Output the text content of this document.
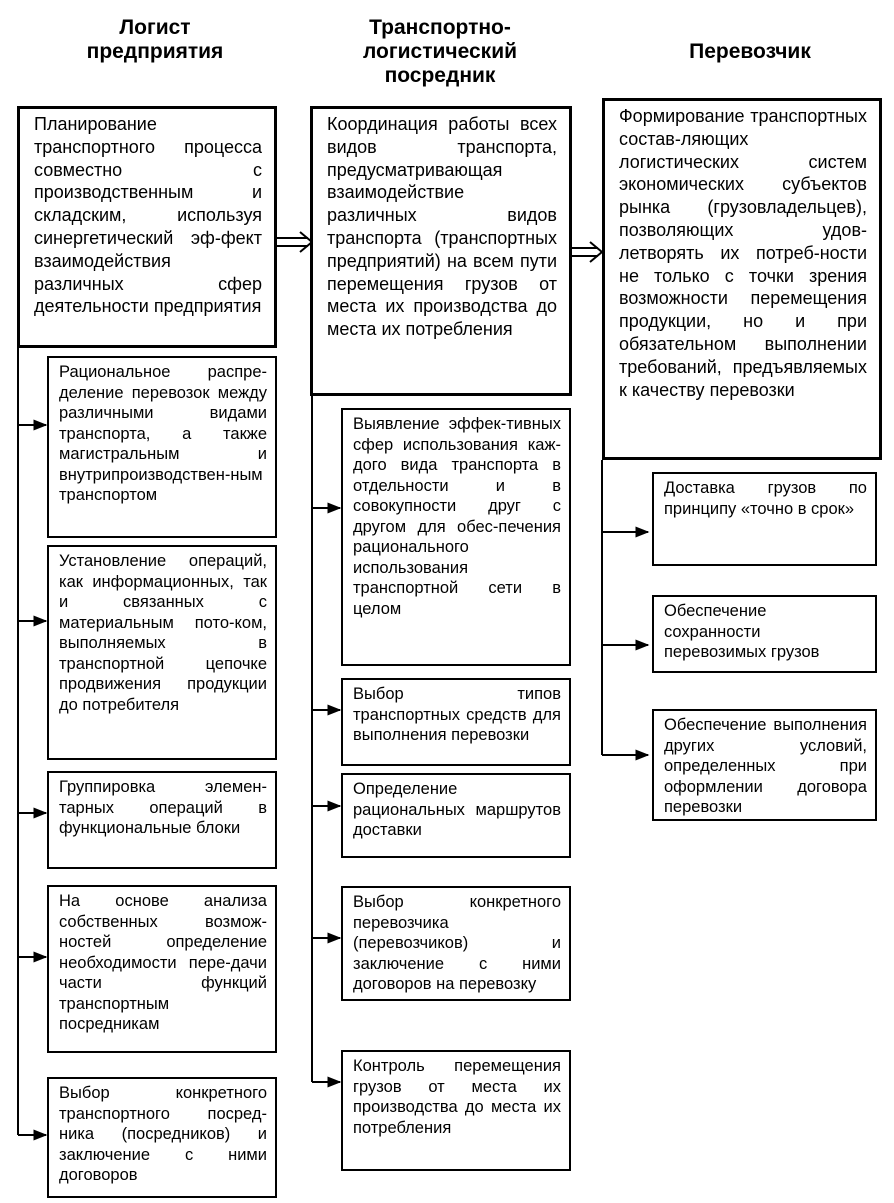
Логист предприятия
Транспортно-логистический посредник
Перевозчик
Планирование транспортного процесса совместно с производственным и складским, используя синергетический эф-фект взаимодействия различных сфер деятельности предприятия
Рациональное распре-деление перевозок между различными видами транспорта, а также магистральным и внутрипроизводствен-ным транспортом
Установление операций, как информационных, так и связанных с материальным пото-ком, выполняемых в транспортной цепочке продвижения продукции до потребителя
Группировка элемен-тарных операций в функциональные блоки
На основе анализа собственных возмож-ностей определение необходимости пере-дачи части функций транспортным посредникам
Выбор конкретного транспортного посред-ника (посредников) и заключение с ними договоров
Координация работы всех видов транспорта, предусматривающая взаимодействие различных видов транспорта (транспортных предприятий) на всем пути перемещения грузов от места их производства до места их потребления
Выявление эффек-тивных сфер использования каж-дого вида транспорта в отдельности и в совокупности друг с другом для обес-печения рационального использования транспортной сети в целом
Выбор типов транспортных средств для выполнения перевозки
Определение рациональных маршрутов доставки
Выбор конкретного перевозчика (перевозчиков) и заключение с ними договоров на перевозку
Контроль перемещения грузов от места их производства до места их потребления
Формирование транспортных состав-ляющих логистических систем экономических субъектов рынка (грузовладельцев), позволяющих удов-летворять их потреб-ности не только с точки зрения возможности перемещения продукции, но и при обязательном выполнении требований, предъявляемых к качеству перевозки
Доставка грузов по принципу «точно в срок»
Обеспечение сохранности перевозимых грузов
Обеспечение выполнения других условий, определенных при оформлении договора перевозки
